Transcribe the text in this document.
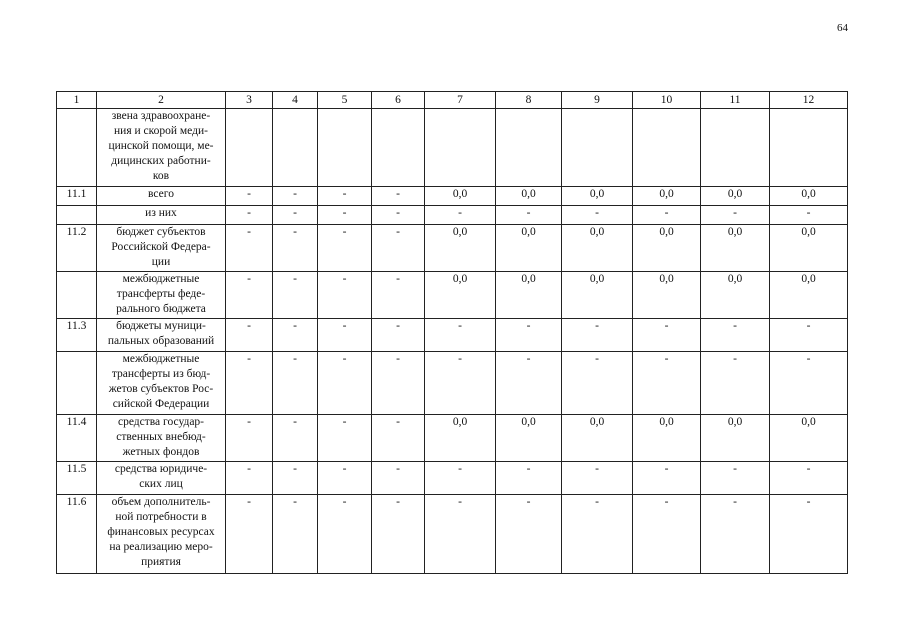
64
1	2	3	4	5	6	7	8	9	10	11	12
	звена здравоохране-
ния и скорой меди-
цинской помощи, ме-
дицинских работни-
ков										
11.1	всего	-	-	-	-	0,0	0,0	0,0	0,0	0,0	0,0
	из них	-	-	-	-	-	-	-	-	-	-
11.2	бюджет субъектов
Российской Федера-
ции	-	-	-	-	0,0	0,0	0,0	0,0	0,0	0,0
	межбюджетные
трансферты феде-
рального бюджета	-	-	-	-	0,0	0,0	0,0	0,0	0,0	0,0
11.3	бюджеты муници-
пальных образований	-	-	-	-	-	-	-	-	-	-
	межбюджетные
трансферты из бюд-
жетов субъектов Рос-
сийской Федерации	-	-	-	-	-	-	-	-	-	-
11.4	средства государ-
ственных внебюд-
жетных фондов	-	-	-	-	0,0	0,0	0,0	0,0	0,0	0,0
11.5	средства юридиче-
ских лиц	-	-	-	-	-	-	-	-	-	-
11.6	объем дополнитель-
ной потребности в
финансовых ресурсах
на реализацию меро-
приятия	-	-	-	-	-	-	-	-	-	-
